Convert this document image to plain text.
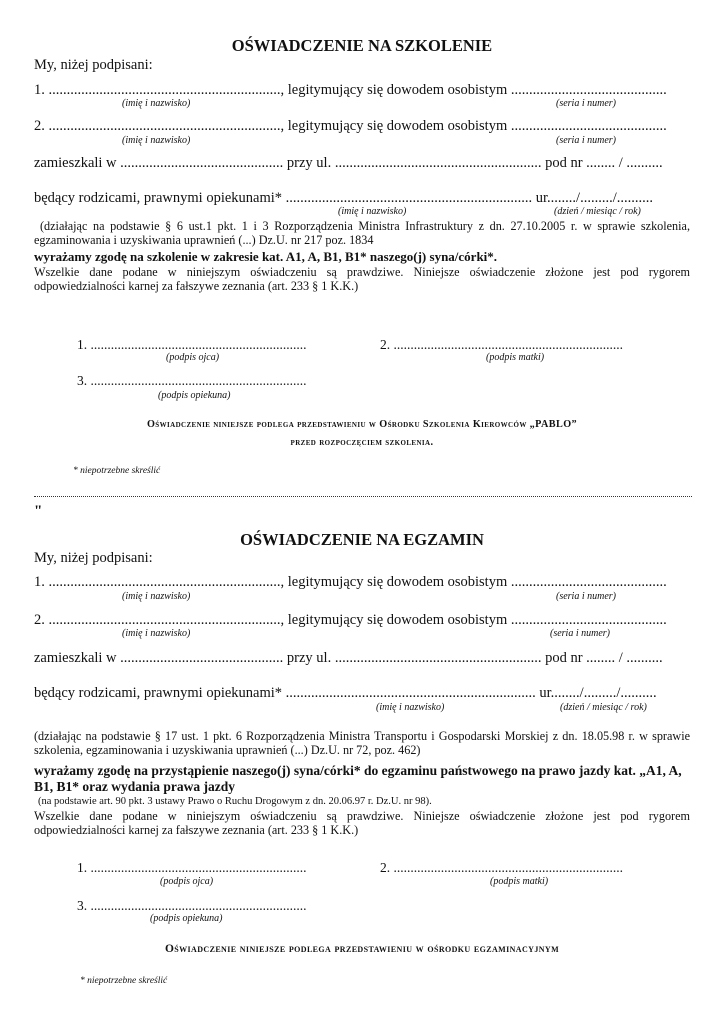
OŚWIADCZENIE NA SZKOLENIE
My, niżej podpisani:
1. ................................................................, legitymujący się dowodem osobistym ...........................................
(imię i nazwisko)	(seria i numer)
2. ................................................................, legitymujący się dowodem osobistym ...........................................
(imię i nazwisko)	(seria i numer)
zamieszkali w ............................................. przy ul. ......................................................... pod nr ........ / ..........
będący rodzicami, prawnymi opiekunami* .................................................................... ur......../........./..........
(imię i nazwisko)	(dzień / miesiąc / rok)
(działając na podstawie § 6 ust.1 pkt. 1 i 3 Rozporządzenia Ministra Infrastruktury z dn. 27.10.2005 r. w sprawie szkolenia, egzaminowania i uzyskiwania uprawnień (...) Dz.U. nr 217 poz. 1834
wyrażamy zgodę na szkolenie w zakresie kat. A1, A, B1, B1* naszego(j) syna/córki*.
Wszelkie dane podane w niniejszym oświadczeniu są prawdziwe. Niniejsze oświadczenie złożone jest pod rygorem odpowiedzialności karnej za fałszywe zeznania (art. 233 § 1 K.K.)
1. ................................................................
(podpis ojca)
2. ....................................................................
(podpis matki)
3. ................................................................
(podpis opiekuna)
Oświadczenie niniejsze podlega przedstawieniu w Ośrodku Szkolenia Kierowców „PABLO”
przed rozpoczęciem szkolenia.
* niepotrzebne skreślić
"
OŚWIADCZENIE NA EGZAMIN
My, niżej podpisani:
1. ................................................................, legitymujący się dowodem osobistym ...........................................
(imię i nazwisko)	(seria i numer)
2. ................................................................, legitymujący się dowodem osobistym ...........................................
(imię i nazwisko)	(seria i numer)
zamieszkali w ............................................. przy ul. ......................................................... pod nr ........ / ..........
będący rodzicami, prawnymi opiekunami* ..................................................................... ur......../........./..........
(imię i nazwisko)	(dzień / miesiąc / rok)
(działając na podstawie § 17 ust. 1 pkt. 6 Rozporządzenia Ministra Transportu i Gospodarski Morskiej z dn. 18.05.98 r. w sprawie szkolenia, egzaminowania i uzyskiwania uprawnień (...) Dz.U. nr 72, poz. 462)
wyrażamy zgodę na przystąpienie naszego(j) syna/córki* do egzaminu państwowego na prawo jazdy kat. „A1, A, B1, B1* oraz wydania prawa jazdy
(na podstawie art. 90 pkt. 3 ustawy Prawo o Ruchu Drogowym z dn. 20.06.97 r. Dz.U. nr 98).
Wszelkie dane podane w niniejszym oświadczeniu są prawdziwe. Niniejsze oświadczenie złożone jest pod rygorem odpowiedzialności karnej za fałszywe zeznania (art. 233 § 1 K.K.)
1. ................................................................
(podpis ojca)
2. ....................................................................
(podpis matki)
3. ................................................................
(podpis opiekuna)
Oświadczenie niniejsze podlega przedstawieniu w ośrodku egzaminacyjnym
* niepotrzebne skreślić
